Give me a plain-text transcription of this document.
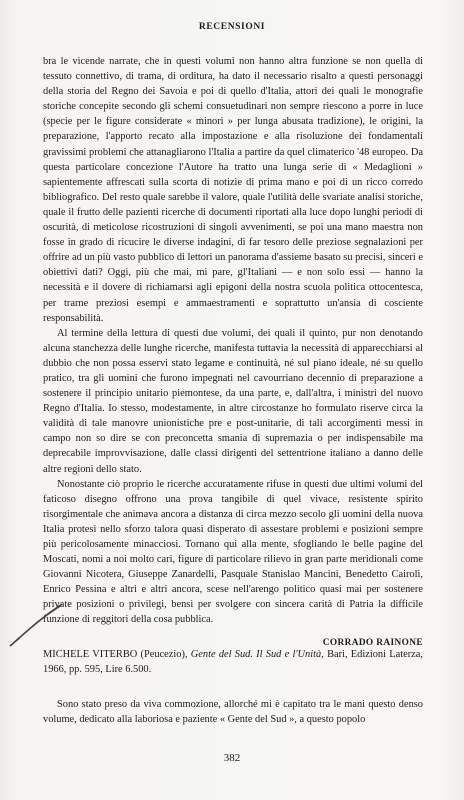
RECENSIONI

bra le vicende narrate, che in questi volumi non hanno altra funzione se non quella di tessuto connettivo, di trama, di orditura, ha dato il necessario risalto a questi personaggi della storia del Regno dei Savoia e poi di quello d'Italia, attori dei quali le monografie storiche concepite secondo gli schemi consuetudinari non sempre riescono a porre in luce (specie per le figure considerate « minori » per lunga abusata tradizione), le origini, la preparazione, l'apporto recato alla impostazione e alla risoluzione dei fondamentali gravissimi problemi che attanagliarono l'Italia a partire da quel climaterico '48 europeo. Da questa particolare concezione l'Autore ha tratto una lunga serie di « Medaglioni » sapientemente affrescati sulla scorta di notizie di prima mano e poi di un ricco corredo bibliografico. Del resto quale sarebbe il valore, quale l'utilità delle svariate analisi storiche, quale il frutto delle pazienti ricerche di documenti riportati alla luce dopo lunghi periodi di oscurità, di meticolose ricostruzioni di singoli avvenimenti, se poi una mano maestra non fosse in grado di ricucire le diverse indagini, di far tesoro delle preziose segnalazioni per offrire ad un più vasto pubblico di lettori un panorama d'assieme basato su precisi, sinceri e obiettivi dati? Oggi, più che mai, mi pare, gl'Italiani — e non solo essi — hanno la necessità e il dovere di richiamarsi agli epigoni della nostra scuola politica ottocentesca, per trarne preziosi esempi e ammaestramenti e soprattutto un'ansia di cosciente responsabilità.

Al termine della lettura di questi due volumi, dei quali il quinto, pur non denotando alcuna stanchezza delle lunghe ricerche, manifesta tuttavia la necessità di apparecchiarsi al dubbio che non possa esservi stato legame e continuità, né sul piano ideale, né su quello pratico, tra gli uomini che furono impegnati nel cavourriano decennio di preparazione a sostenere il principio unitario piemontese, da una parte, e, dall'altra, i ministri del nuovo Regno d'Italia. Io stesso, modestamente, in altre circostanze ho formulato riserve circa la validità di tale manovre unionistiche pre e post-unitarie, di tali accorgimenti messi in campo non so dire se con preconcetta smania di supremazia o per indispensabile ma deprecabile improvvisazione, dalle classi dirigenti del settentrione italiano a danno delle altre regioni dello stato.

Nonostante ciò proprio le ricerche accuratamente rifuse in questi due ultimi volumi del faticoso disegno offrono una prova tangibile di quel vivace, resistente spirito risorgimentale che animava ancora a distanza di circa mezzo secolo gli uomini della nuova Italia protesi nello sforzo talora quasi disperato di assestare problemi e posizioni sempre più pericolosamente minacciosi. Tornano qui alla mente, sfogliando le belle pagine del Moscati, nomi a noi molto cari, figure di particolare rilievo in gran parte meridionali come Giovanni Nicotera, Giuseppe Zanardelli, Pasquale Stanislao Mancini, Benedetto Cairoli, Enrico Pessina e altri e altri ancora, scese nell'arengo politico quasi mai per sostenere private posizioni o privilegi, bensì per svolgere con sincera carità di Patria la difficile funzione di reggitori della cosa pubblica.

CORRADO RAINONE
MICHELE VITERBO (Peucezio), Gente del Sud. Il Sud e l'Unità, Bari, Edizioni Laterza, 1966, pp. 595, Lire 6.500.
Sono stato preso da viva commozione, allorché mi è capitato tra le mani questo denso volume, dedicato alla laboriosa e paziente « Gente del Sud », a questo popolo
382
